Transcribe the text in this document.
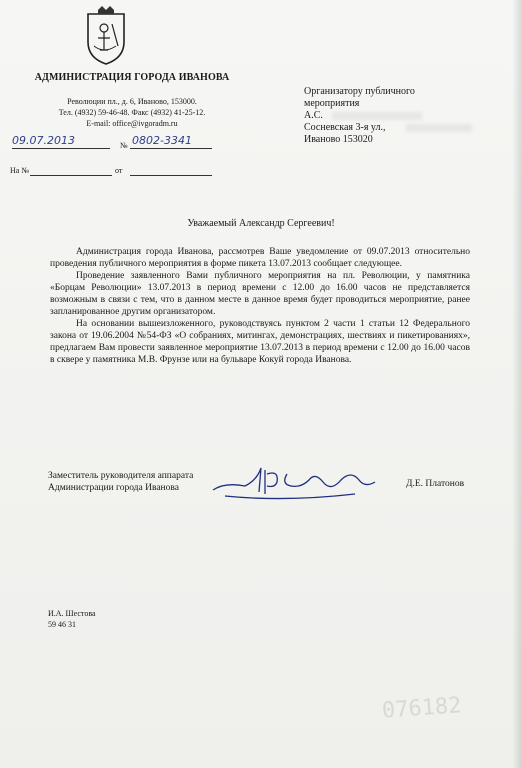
АДМИНИСТРАЦИЯ ГОРОДА ИВАНОВА
Революции пл., д. 6, Иваново, 153000.
Тел. (4932) 59-46-48. Факс (4932) 41-25-12.
E-mail: office@ivgoradm.ru
09.07.2013	№ 0802-3341
На №	от
Организатору публичного
мероприятия
А.С.
Сосневская 3-я ул.,
Иваново 153020
Уважаемый Александр Сергеевич!

Администрация города Иванова, рассмотрев Ваше уведомление от 09.07.2013 относительно проведения публичного мероприятия в форме пикета 13.07.2013 сообщает следующее.

Проведение заявленного Вами публичного мероприятия на пл. Революции, у памятника «Борцам Революции» 13.07.2013 в период времени с 12.00 до 16.00 часов не представляется возможным в связи с тем, что в данном месте в данное время будет проводиться мероприятие, ранее запланированное другим организатором.

На основании вышеизложенного, руководствуясь пунктом 2 части 1 статьи 12 Федерального закона от 19.06.2004 №54-ФЗ «О собраниях, митингах, демонстрациях, шествиях и пикетированиях», предлагаем Вам провести заявленное мероприятие 13.07.2013 в период времени с 12.00 до 16.00 часов в сквере у памятника М.В. Фрунзе или на бульваре Кокуй города Иванова.

Заместитель руководителя аппарата
Администрации города Иванова	Д.Е. Платонов
И.А. Шестова
59 46 31
076182
